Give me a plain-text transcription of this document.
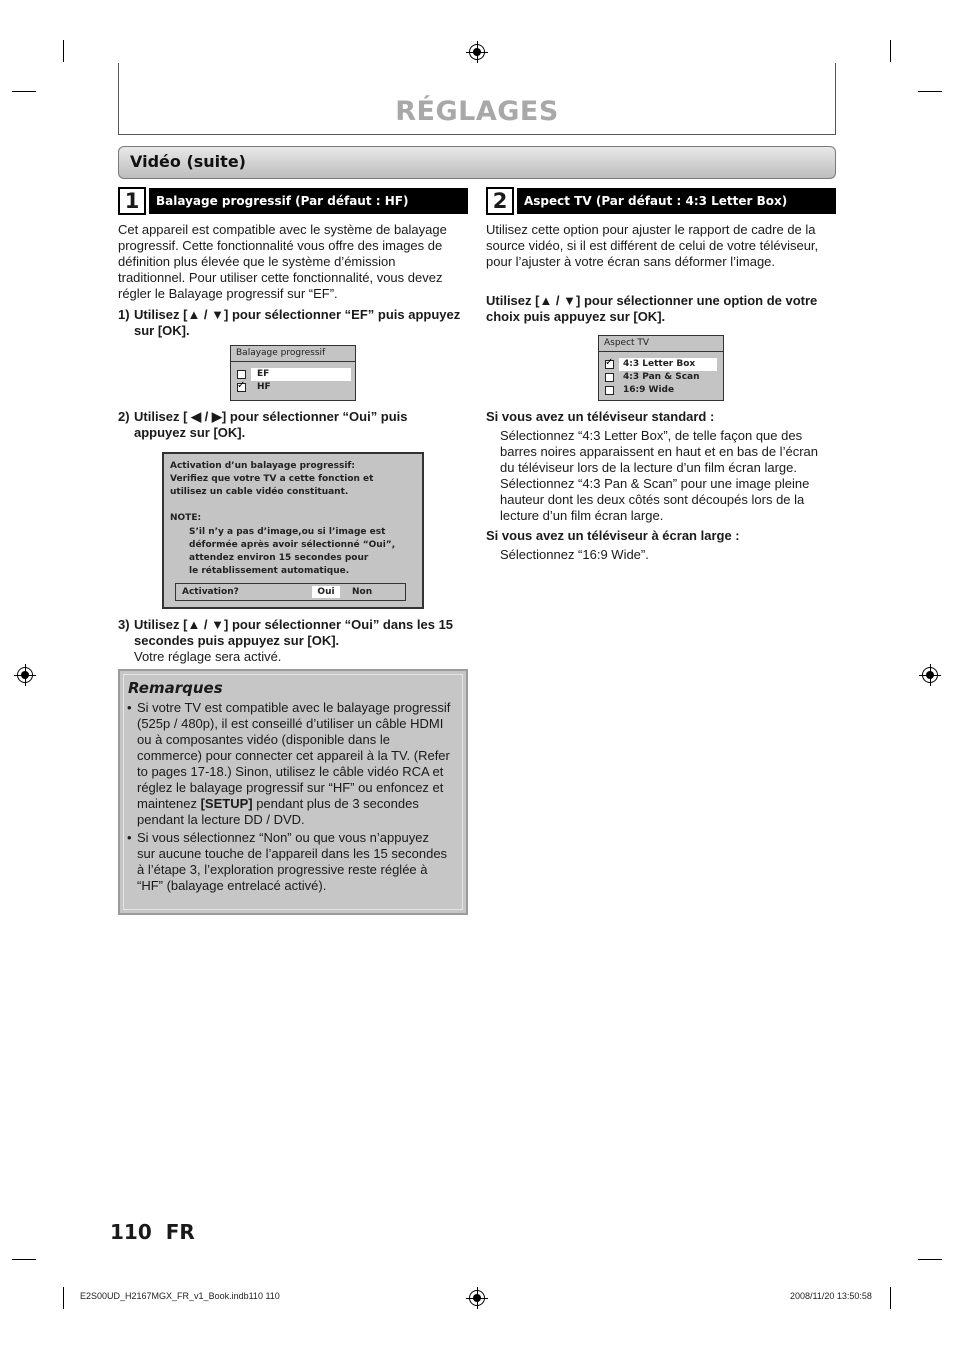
RÉGLAGES
Vidéo (suite)
1	Balayage progressif (Par défaut : HF)
Cet appareil est compatible avec le système de balayage
progressif. Cette fonctionnalité vous offre des images de
définition plus élevée que le système d’émission
traditionnel. Pour utiliser cette fonctionnalité, vous devez
régler le Balayage progressif sur “EF”.
1) Utilisez [▲ / ▼] pour sélectionner “EF” puis appuyez
sur [OK].
Balayage progressif
EF
✓
HF
2) Utilisez [ ◀ / ▶] pour sélectionner “Oui” puis
appuyez sur [OK].
Activation d’un balayage progressif:
Verifiez que votre TV a cette fonction et
utilisez un cable vidéo constituant.
NOTE:
S’il n’y a pas d’image,ou si l’image est
déformée après avoir sélectionné “Oui”,
attendez environ 15 secondes pour
le rétablissement automatique.
Activation?	Oui	Non
3) Utilisez [▲ / ▼] pour sélectionner “Oui” dans les 15
secondes puis appuyez sur [OK].
Votre réglage sera activé.
Remarques
• Si votre TV est compatible avec le balayage progressif
(525p / 480p), il est conseillé d’utiliser un câble HDMI
ou à composantes vidéo (disponible dans le
commerce) pour connecter cet appareil à la TV. (Refer
to pages 17-18.) Sinon, utilisez le câble vidéo RCA et
réglez le balayage progressif sur “HF” ou enfoncez et
maintenez [SETUP] pendant plus de 3 secondes
pendant la lecture DD / DVD.
• Si vous sélectionnez “Non” ou que vous n’appuyez
sur aucune touche de l’appareil dans les 15 secondes
à l’étape 3, l’exploration progressive reste réglée à
“HF” (balayage entrelacé activé).
2	Aspect TV (Par défaut : 4:3 Letter Box)
Utilisez cette option pour ajuster le rapport de cadre de la
source vidéo, si il est différent de celui de votre téléviseur,
pour l’ajuster à votre écran sans déformer l’image.
Utilisez [▲ / ▼] pour sélectionner une option de votre
choix puis appuyez sur [OK].
Aspect TV
✓
4:3 Letter Box
4:3 Pan & Scan
16:9 Wide
Si vous avez un téléviseur standard :
Sélectionnez “4:3 Letter Box”, de telle façon que des
barres noires apparaissent en haut et en bas de l’écran
du téléviseur lors de la lecture d’un film écran large.
Sélectionnez “4:3 Pan & Scan” pour une image pleine
hauteur dont les deux côtés sont découpés lors de la
lecture d’un film écran large.
Si vous avez un téléviseur à écran large :
Sélectionnez “16:9 Wide”.
110 FR
E2S00UD_H2167MGX_FR_v1_Book.indb110 110	2008/11/20 13:50:58
